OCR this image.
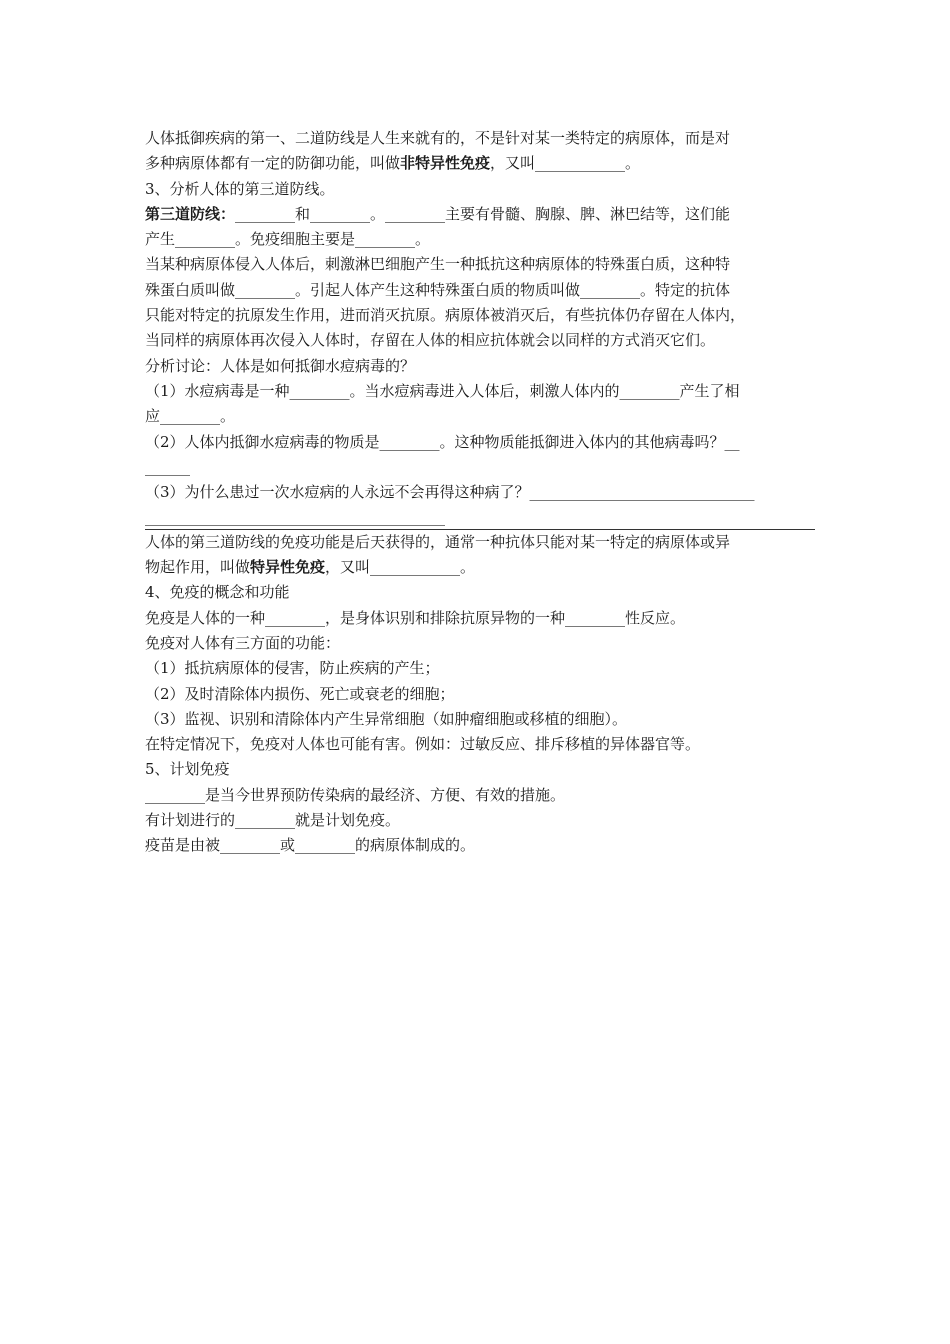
人体抵御疾病的第一、二道防线是人生来就有的，不是针对某一类特定的病原体，而是对
多种病原体都有一定的防御功能，叫做非特异性免疫，又叫____________。
3、分析人体的第三道防线。
第三道防线：________和________。________主要有骨髓、胸腺、脾、淋巴结等，这们能
产生________。免疫细胞主要是________。
当某种病原体侵入人体后，刺激淋巴细胞产生一种抵抗这种病原体的特殊蛋白质，这种特
殊蛋白质叫做________。引起人体产生这种特殊蛋白质的物质叫做________。特定的抗体
只能对特定的抗原发生作用，进而消灭抗原。病原体被消灭后，有些抗体仍存留在人体内，
当同样的病原体再次侵入人体时，存留在人体的相应抗体就会以同样的方式消灭它们。
分析讨论：人体是如何抵御水痘病毒的？
（1）水痘病毒是一种________。当水痘病毒进入人体后，刺激人体内的________产生了相
应________。
（2）人体内抵御水痘病毒的物质是________。这种物质能抵御进入体内的其他病毒吗？__
______
（3）为什么患过一次水痘病的人永远不会再得这种病了？______________________________
________________________________________
人体的第三道防线的免疫功能是后天获得的，通常一种抗体只能对某一特定的病原体或异
物起作用，叫做特异性免疫，又叫____________。
4、免疫的概念和功能
免疫是人体的一种________，是身体识别和排除抗原异物的一种________性反应。
免疫对人体有三方面的功能：
（1）抵抗病原体的侵害，防止疾病的产生；
（2）及时清除体内损伤、死亡或衰老的细胞；
（3）监视、识别和清除体内产生异常细胞（如肿瘤细胞或移植的细胞）。
在特定情况下，免疫对人体也可能有害。例如：过敏反应、排斥移植的异体器官等。
5、计划免疫
________是当今世界预防传染病的最经济、方便、有效的措施。
有计划进行的________就是计划免疫。
疫苗是由被________或________的病原体制成的。
